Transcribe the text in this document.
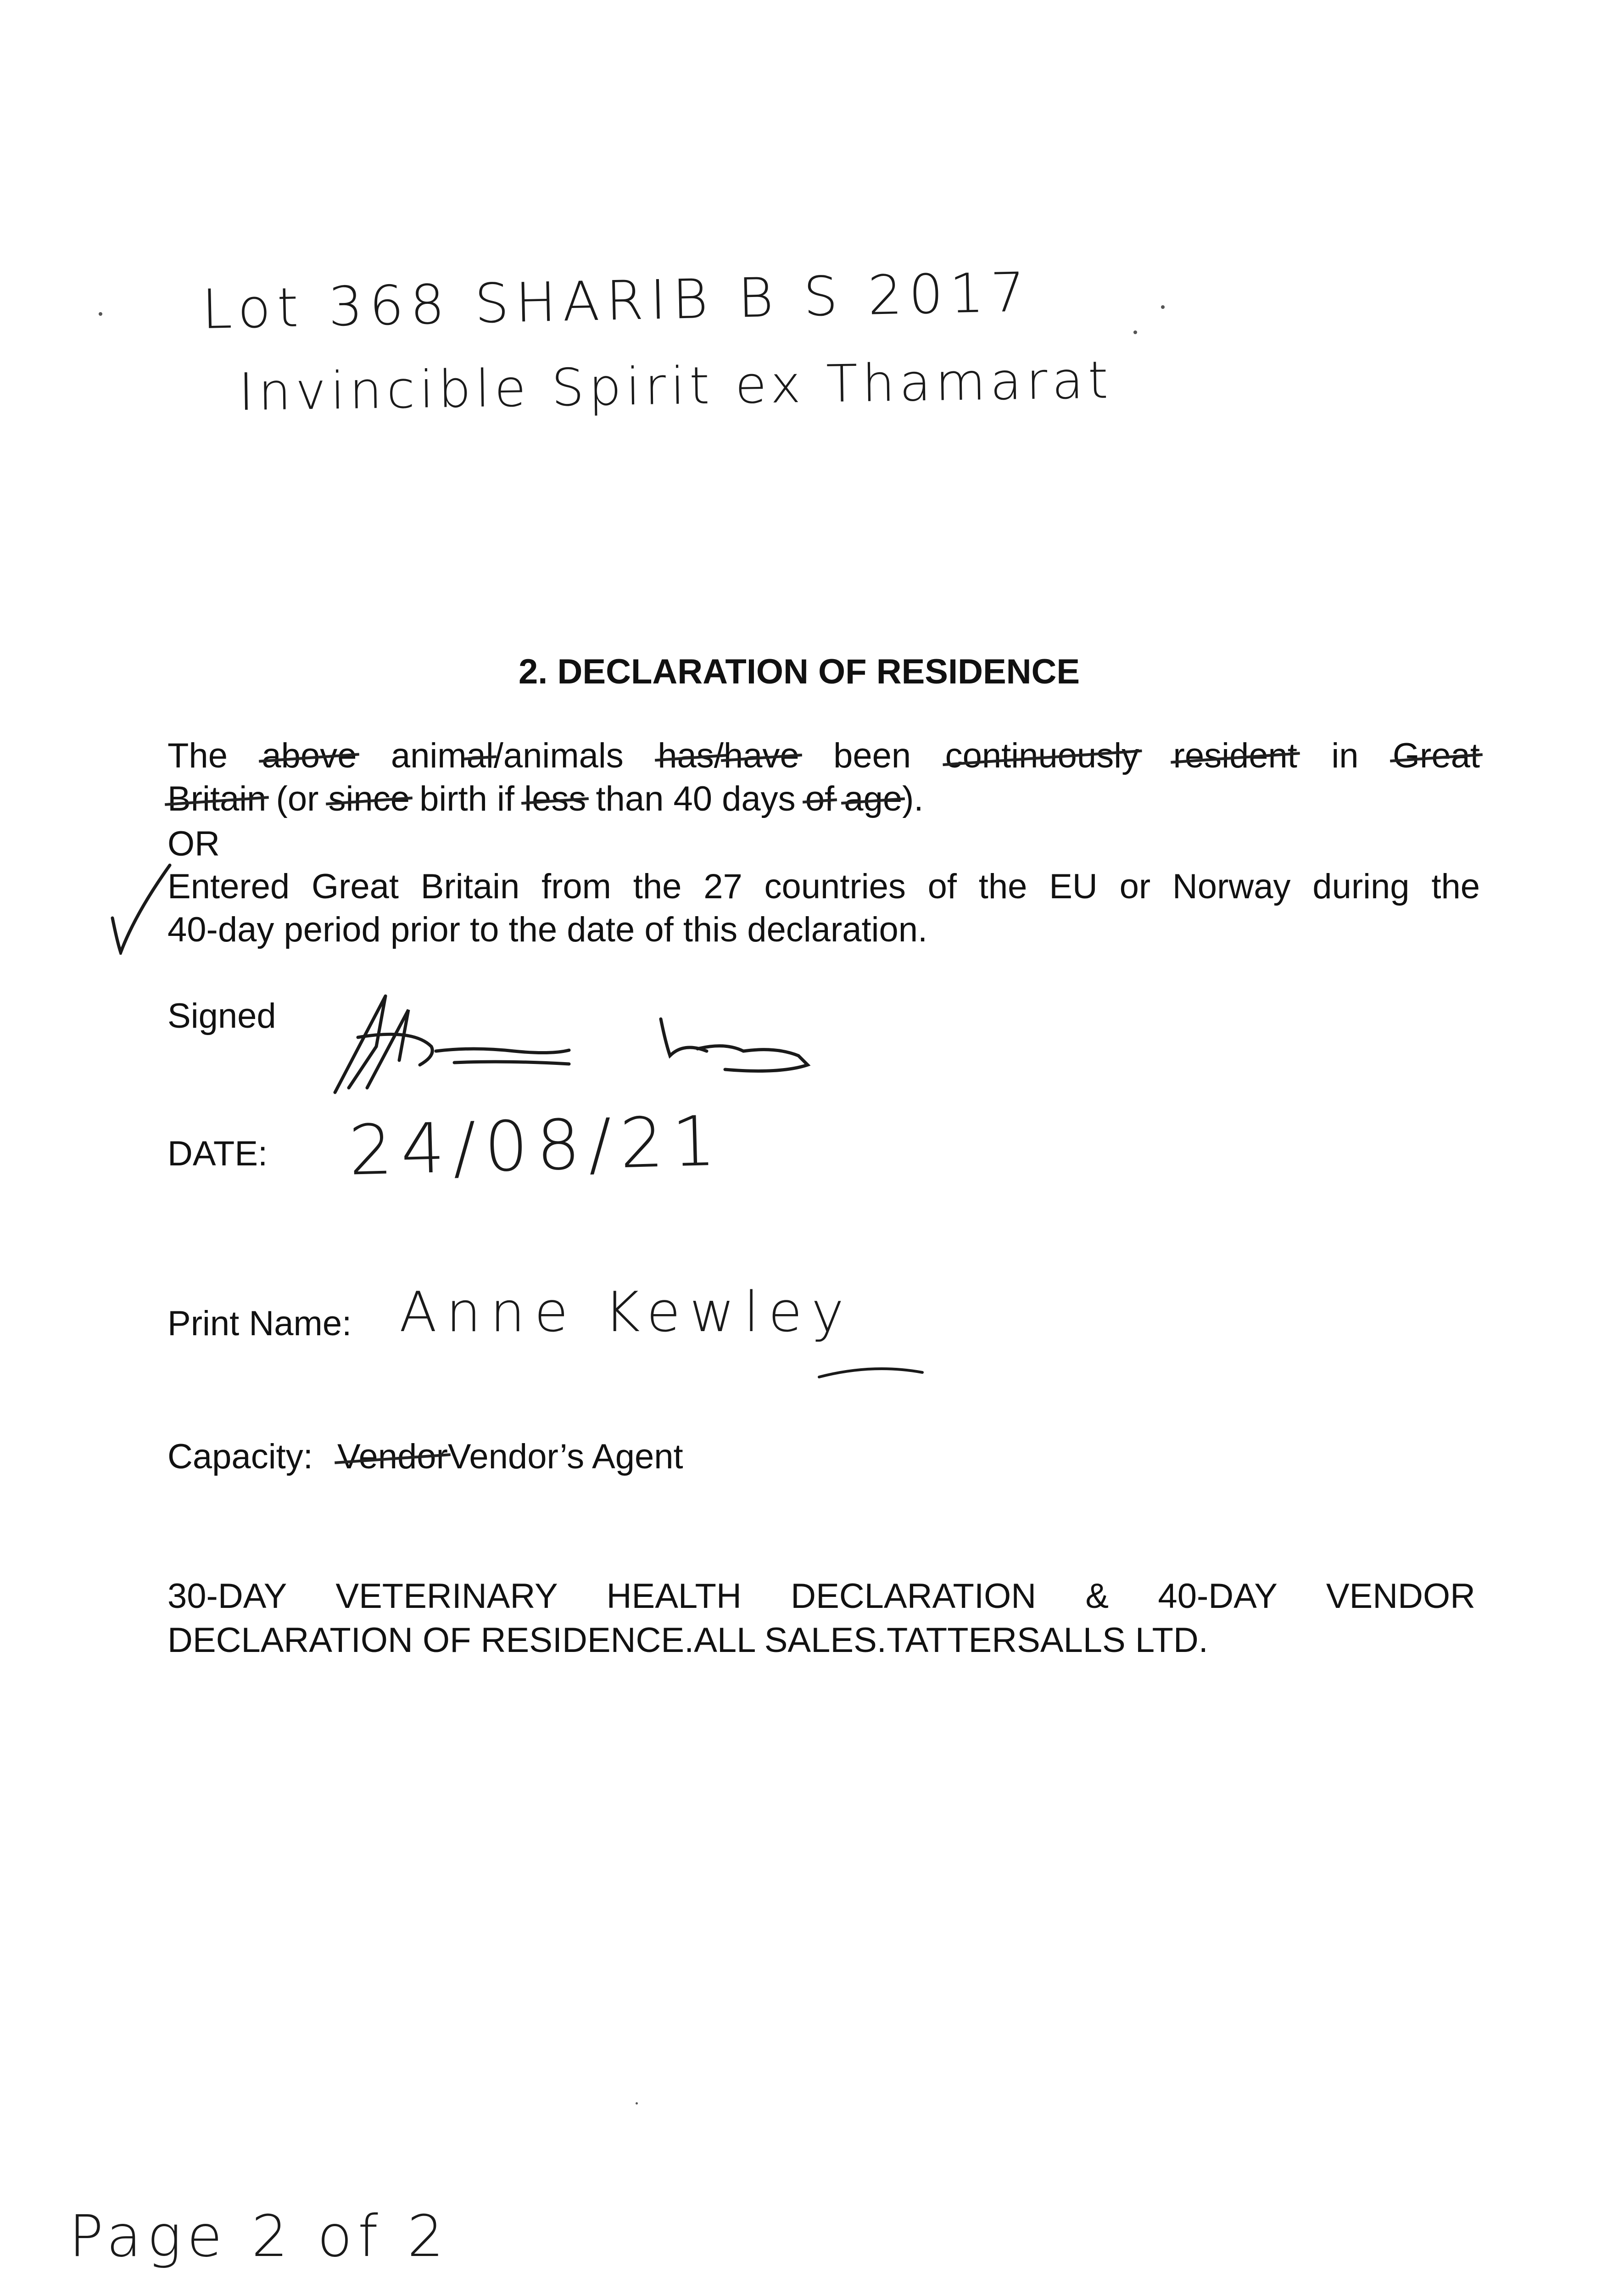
Lot 368 SHARIB B S 2017
Invincible Spirit ex Thamarat
2. DECLARATION OF RESIDENCE
The above animal/animals has/have been continuously resident in Great
Britain (or since birth if less than 40 days of age).
OR
Entered Great Britain from the 27 countries of the EU or Norway during the
40-day period prior to the date of this declaration.
Signed
DATE: 24/08/21
Print Name: Anne Kewley
Capacity: VendorVendor’s Agent
30-DAY VETERINARY HEALTH DECLARATION & 40-DAY VENDOR
DECLARATION OF RESIDENCE.ALL SALES.TATTERSALLS LTD.
Page 2 of 2
